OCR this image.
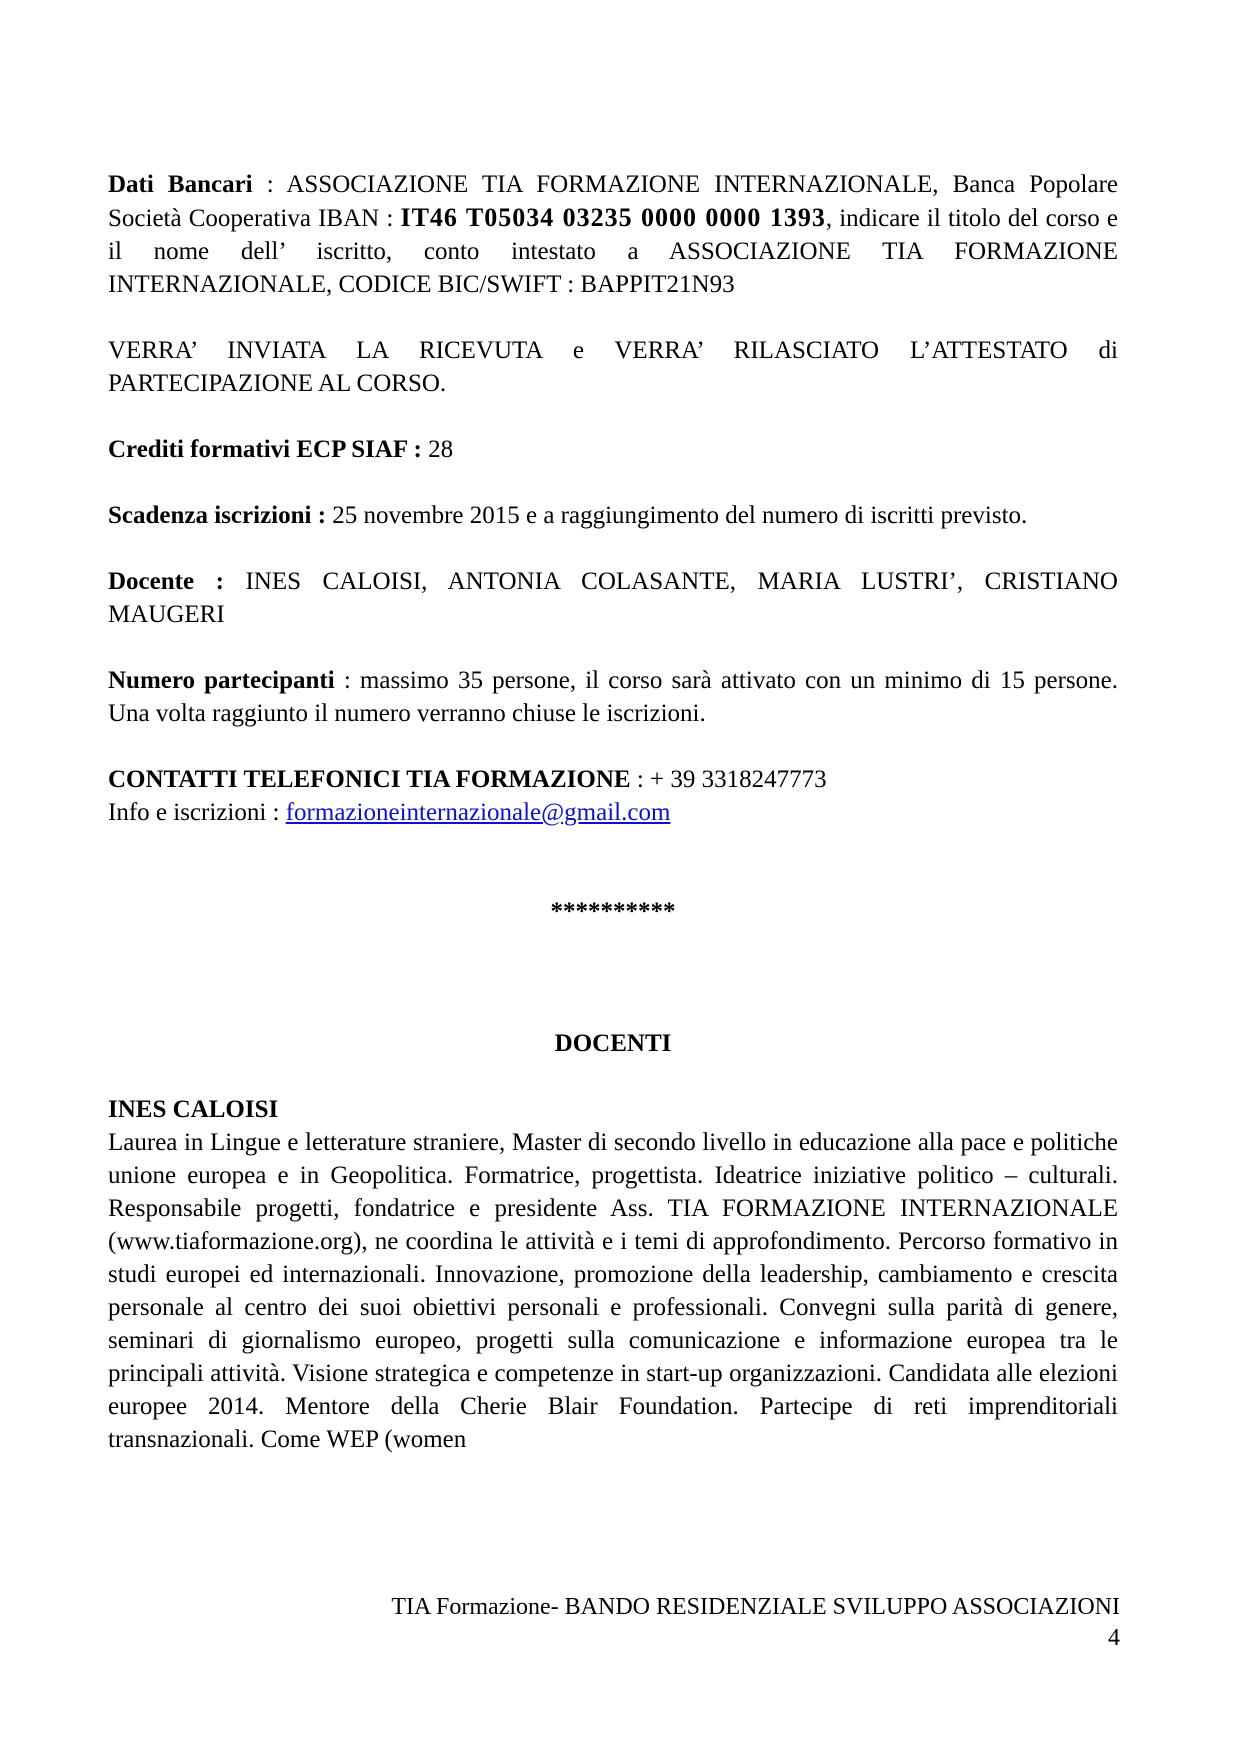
Dati Bancari : ASSOCIAZIONE TIA FORMAZIONE INTERNAZIONALE, Banca Popolare Società Cooperativa IBAN : IT46 T05034 03235 0000 0000 1393, indicare il titolo del corso e il nome dell’ iscritto, conto intestato a ASSOCIAZIONE TIA FORMAZIONE INTERNAZIONALE, CODICE BIC/SWIFT : BAPPIT21N93

VERRA’ INVIATA LA RICEVUTA e VERRA’ RILASCIATO L’ATTESTATO di PARTECIPAZIONE AL CORSO.

Crediti formativi ECP SIAF : 28

Scadenza iscrizioni : 25 novembre 2015 e a raggiungimento del numero di iscritti previsto.

Docente : INES CALOISI, ANTONIA COLASANTE, MARIA LUSTRI’, CRISTIANO MAUGERI

Numero partecipanti : massimo 35 persone, il corso sarà attivato con un minimo di 15 persone. Una volta raggiunto il numero verranno chiuse le iscrizioni.

CONTATTI TELEFONICI TIA FORMAZIONE : + 39 3318247773
Info e iscrizioni : formazioneinternazionale@gmail.com

**********

DOCENTI

INES CALOISI

Laurea in Lingue e letterature straniere, Master di secondo livello in educazione alla pace e politiche unione europea e in Geopolitica. Formatrice, progettista. Ideatrice iniziative politico – culturali. Responsabile progetti, fondatrice e presidente Ass. TIA FORMAZIONE INTERNAZIONALE (www.tiaformazione.org), ne coordina le attività e i temi di approfondimento. Percorso formativo in studi europei ed internazionali. Innovazione, promozione della leadership, cambiamento e crescita personale al centro dei suoi obiettivi personali e professionali. Convegni sulla parità di genere, seminari di giornalismo europeo, progetti sulla comunicazione e informazione europea tra le principali attività. Visione strategica e competenze in start-up organizzazioni. Candidata alle elezioni europee 2014. Mentore della Cherie Blair Foundation. Partecipe di reti imprenditoriali transnazionali. Come WEP (women

TIA Formazione- BANDO RESIDENZIALE SVILUPPO ASSOCIAZIONI
4
